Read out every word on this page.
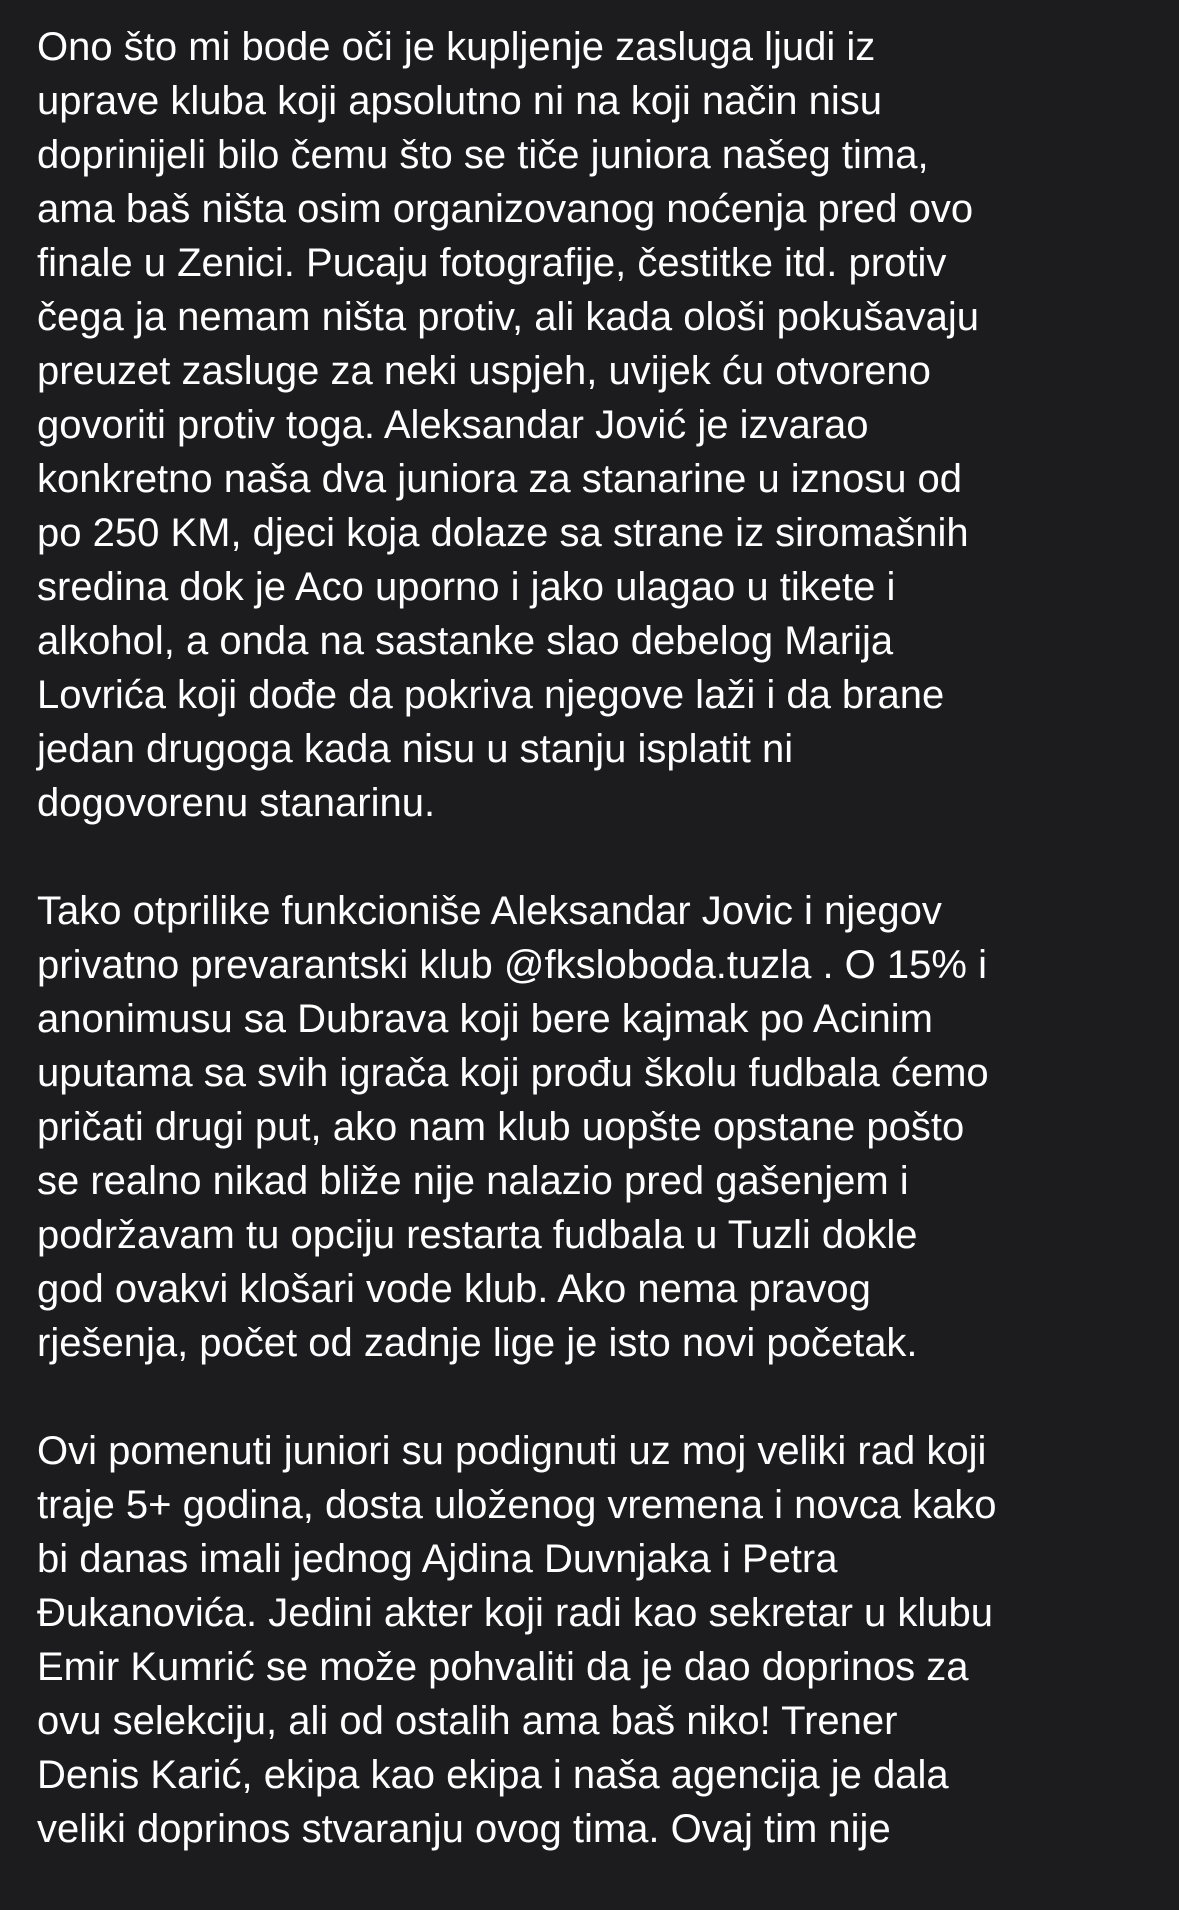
Ono što mi bode oči je kupljenje zasluga ljudi iz
uprave kluba koji apsolutno ni na koji način nisu
doprinijeli bilo čemu što se tiče juniora našeg tima,
ama baš ništa osim organizovanog noćenja pred ovo
finale u Zenici. Pucaju fotografije, čestitke itd. protiv
čega ja nemam ništa protiv, ali kada ološi pokušavaju
preuzet zasluge za neki uspjeh, uvijek ću otvoreno
govoriti protiv toga. Aleksandar Jović je izvarao
konkretno naša dva juniora za stanarine u iznosu od
po 250 KM, djeci koja dolaze sa strane iz siromašnih
sredina dok je Aco uporno i jako ulagao u tikete i
alkohol, a onda na sastanke slao debelog Marija
Lovrića koji dođe da pokriva njegove laži i da brane
jedan drugoga kada nisu u stanju isplatit ni
dogovorenu stanarinu.

Tako otprilike funkcioniše Aleksandar Jovic i njegov
privatno prevarantski klub @fksloboda.tuzla . O 15% i
anonimusu sa Dubrava koji bere kajmak po Acinim
uputama sa svih igrača koji prođu školu fudbala ćemo
pričati drugi put, ako nam klub uopšte opstane pošto
se realno nikad bliže nije nalazio pred gašenjem i
podržavam tu opciju restarta fudbala u Tuzli dokle
god ovakvi klošari vode klub. Ako nema pravog
rješenja, počet od zadnje lige je isto novi početak.

Ovi pomenuti juniori su podignuti uz moj veliki rad koji
traje 5+ godina, dosta uloženog vremena i novca kako
bi danas imali jednog Ajdina Duvnjaka i Petra
Đukanovića. Jedini akter koji radi kao sekretar u klubu
Emir Kumrić se može pohvaliti da je dao doprinos za
ovu selekciju, ali od ostalih ama baš niko! Trener
Denis Karić, ekipa kao ekipa i naša agencija je dala
veliki doprinos stvaranju ovog tima. Ovaj tim nije
